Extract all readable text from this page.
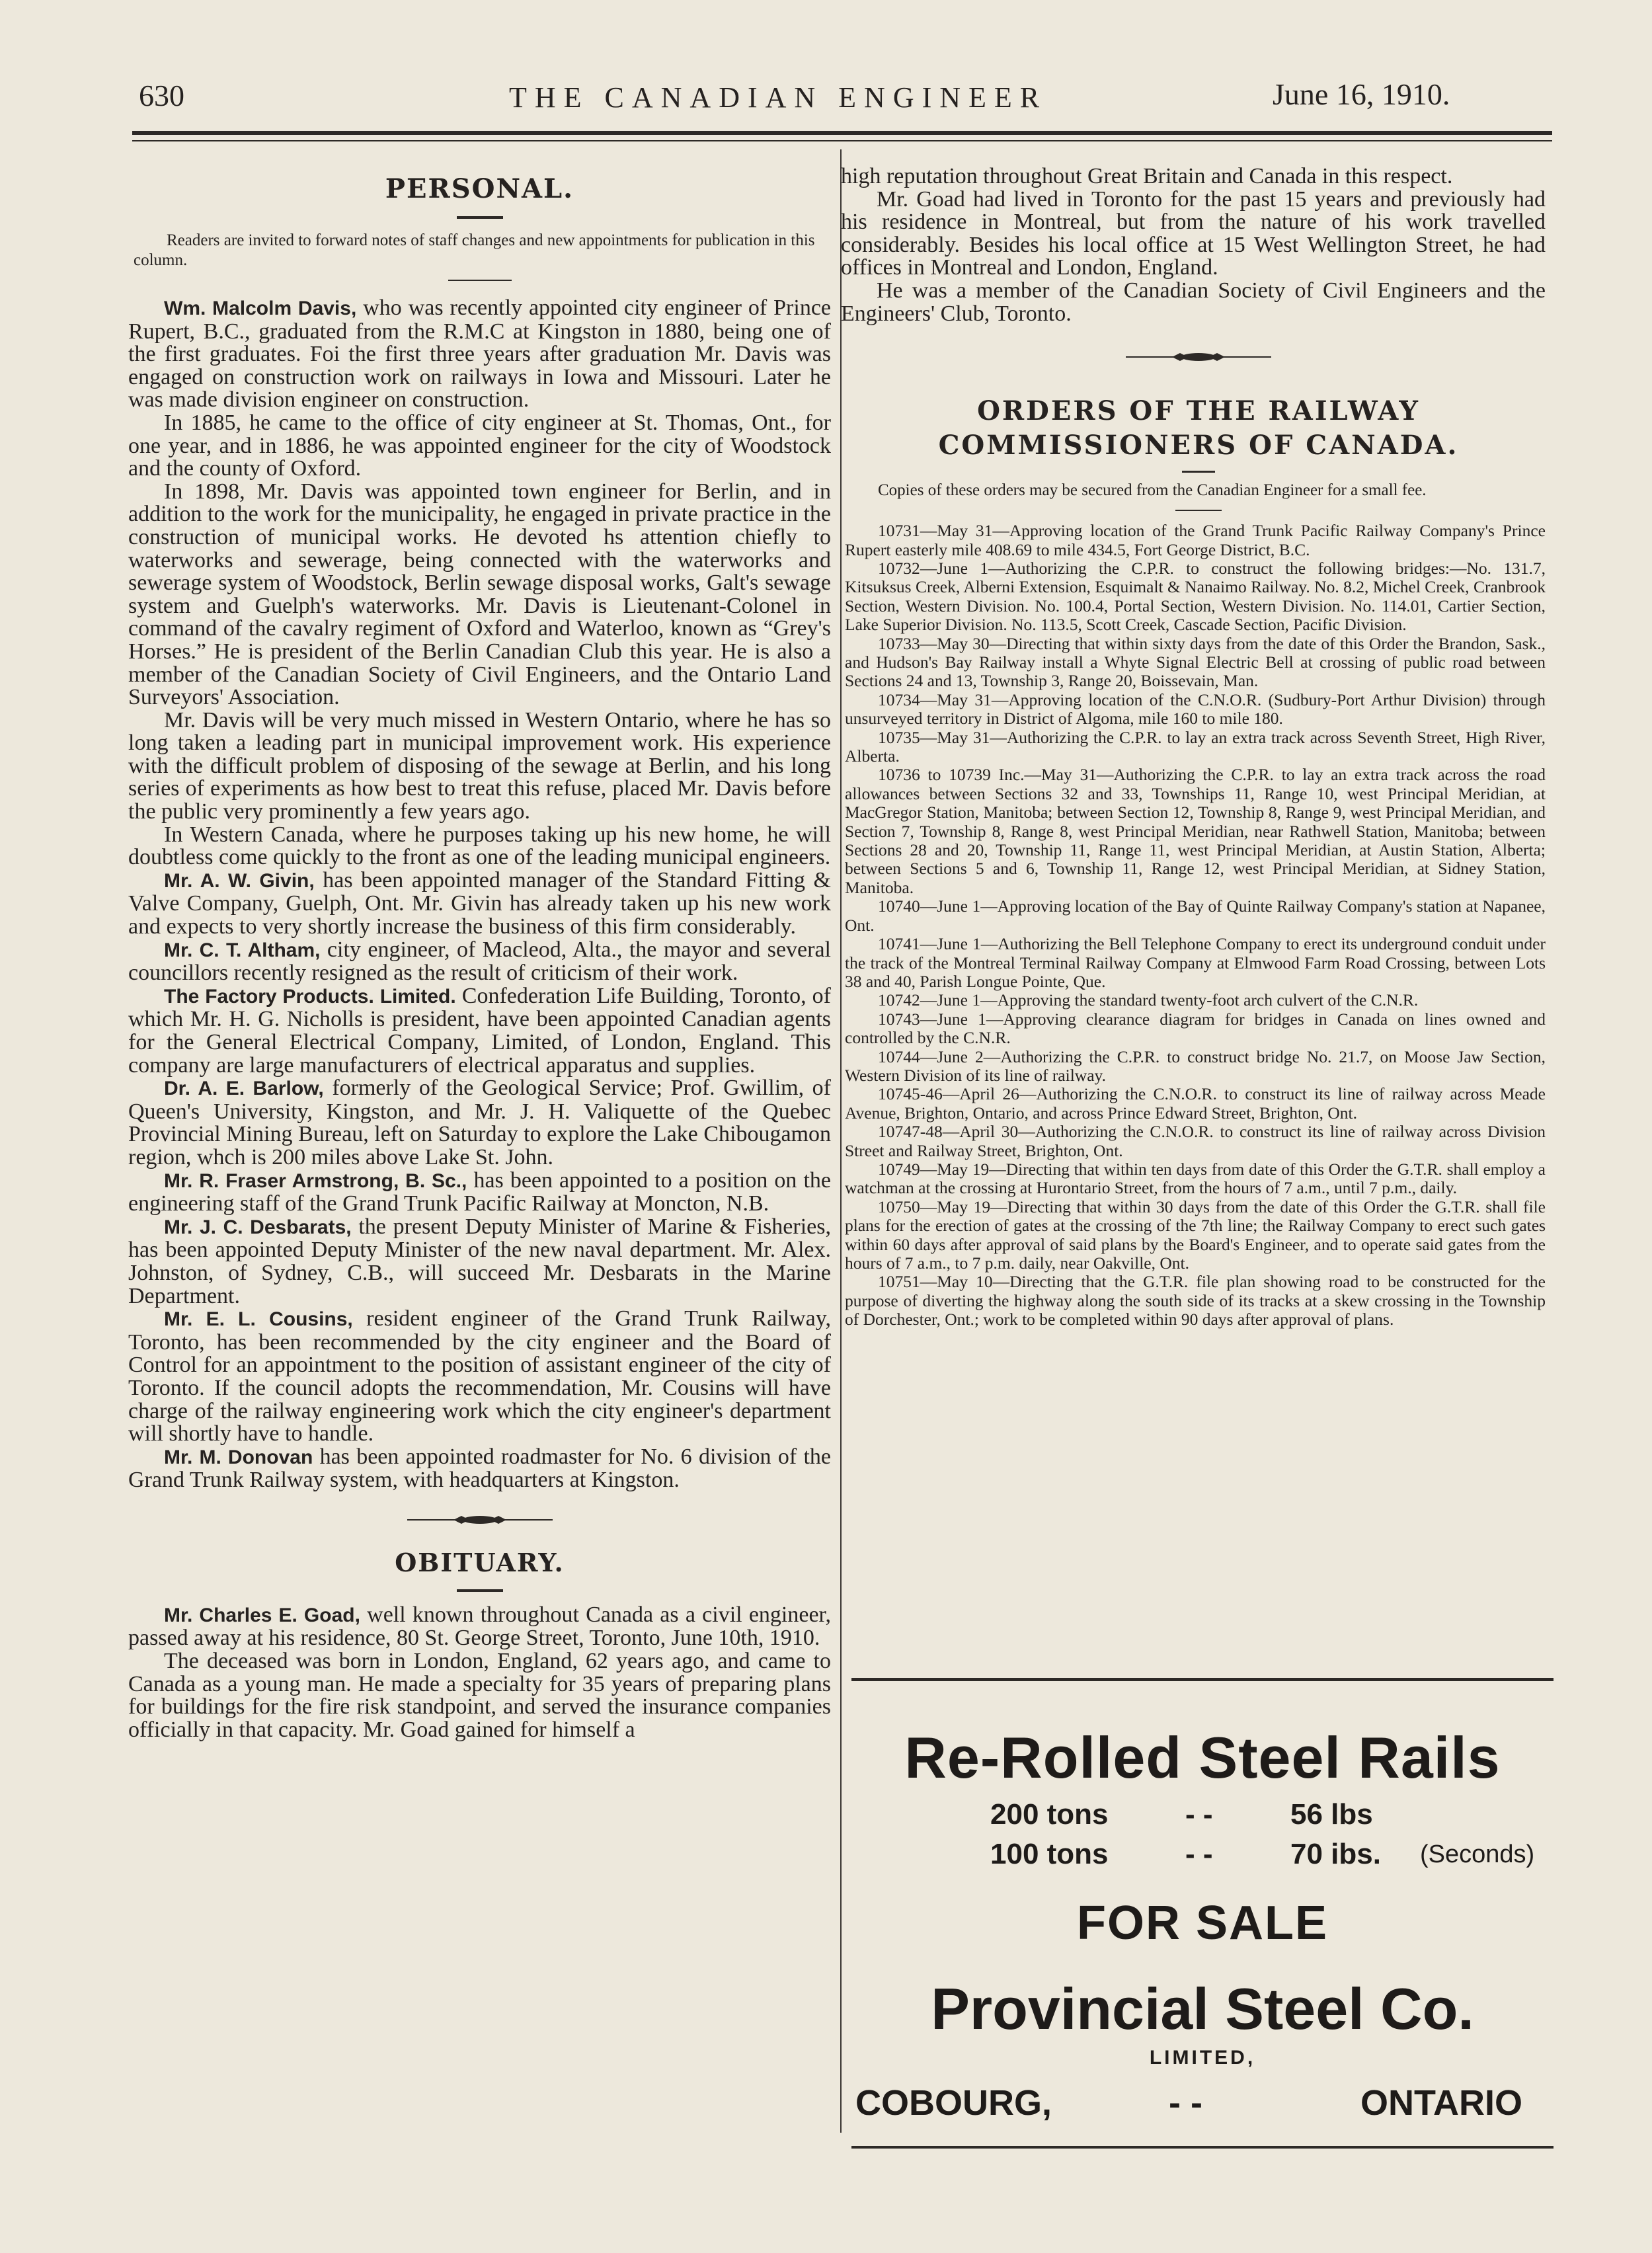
630	THE CANADIAN ENGINEER	June 16, 1910.
PERSONAL.

Readers are invited to forward notes of staff changes and new appointments for publication in this column.

Wm. Malcolm Davis, who was recently appointed city engineer of Prince Rupert, B.C., graduated from the R.M.C at Kingston in 1880, being one of the first graduates. Foi the first three years after graduation Mr. Davis was engaged on construction work on railways in Iowa and Missouri. Later he was made division engineer on construction.

In 1885, he came to the office of city engineer at St. Thomas, Ont., for one year, and in 1886, he was appointed engineer for the city of Woodstock and the county of Oxford.

In 1898, Mr. Davis was appointed town engineer for Berlin, and in addition to the work for the municipality, he engaged in private practice in the construction of municipal works. He devoted hs attention chiefly to waterworks and sewerage, being connected with the waterworks and sewerage system of Woodstock, Berlin sewage disposal works, Galt's sewage system and Guelph's waterworks. Mr. Davis is Lieutenant-Colonel in command of the cavalry regiment of Oxford and Waterloo, known as “Grey's Horses.” He is president of the Berlin Canadian Club this year. He is also a member of the Canadian Society of Civil Engineers, and the Ontario Land Surveyors' Association.

Mr. Davis will be very much missed in Western Ontario, where he has so long taken a leading part in municipal improvement work. His experience with the difficult problem of disposing of the sewage at Berlin, and his long series of experiments as how best to treat this refuse, placed Mr. Davis before the public very prominently a few years ago.

In Western Canada, where he purposes taking up his new home, he will doubtless come quickly to the front as one of the leading municipal engineers.

Mr. A. W. Givin, has been appointed manager of the Standard Fitting & Valve Company, Guelph, Ont. Mr. Givin has already taken up his new work and expects to very shortly increase the business of this firm considerably.

Mr. C. T. Altham, city engineer, of Macleod, Alta., the mayor and several councillors recently resigned as the result of criticism of their work.

The Factory Products. Limited. Confederation Life Building, Toronto, of which Mr. H. G. Nicholls is president, have been appointed Canadian agents for the General Electrical Company, Limited, of London, England. This company are large manufacturers of electrical apparatus and supplies.

Dr. A. E. Barlow, formerly of the Geological Service; Prof. Gwillim, of Queen's University, Kingston, and Mr. J. H. Valiquette of the Quebec Provincial Mining Bureau, left on Saturday to explore the Lake Chibougamon region, whch is 200 miles above Lake St. John.

Mr. R. Fraser Armstrong, B. Sc., has been appointed to a position on the engineering staff of the Grand Trunk Pacific Railway at Moncton, N.B.

Mr. J. C. Desbarats, the present Deputy Minister of Marine & Fisheries, has been appointed Deputy Minister of the new naval department. Mr. Alex. Johnston, of Sydney, C.B., will succeed Mr. Desbarats in the Marine Department.

Mr. E. L. Cousins, resident engineer of the Grand Trunk Railway, Toronto, has been recommended by the city engineer and the Board of Control for an appointment to the position of assistant engineer of the city of Toronto. If the council adopts the recommendation, Mr. Cousins will have charge of the railway engineering work which the city engineer's department will shortly have to handle.

Mr. M. Donovan has been appointed roadmaster for No. 6 division of the Grand Trunk Railway system, with headquarters at Kingston.

OBITUARY.

Mr. Charles E. Goad, well known throughout Canada as a civil engineer, passed away at his residence, 80 St. George Street, Toronto, June 10th, 1910.

The deceased was born in London, England, 62 years ago, and came to Canada as a young man. He made a specialty for 35 years of preparing plans for buildings for the fire risk standpoint, and served the insurance companies officially in that capacity. Mr. Goad gained for himself a

high reputation throughout Great Britain and Canada in this respect.

Mr. Goad had lived in Toronto for the past 15 years and previously had his residence in Montreal, but from the nature of his work travelled considerably. Besides his local office at 15 West Wellington Street, he had offices in Montreal and London, England.

He was a member of the Canadian Society of Civil Engineers and the Engineers' Club, Toronto.

ORDERS OF THE RAILWAY COMMISSIONERS OF CANADA.

Copies of these orders may be secured from the Canadian Engineer for a small fee.

10731—May 31—Approving location of the Grand Trunk Pacific Railway Company's Prince Rupert easterly mile 408.69 to mile 434.5, Fort George District, B.C.

10732—June 1—Authorizing the C.P.R. to construct the following bridges:—No. 131.7, Kitsuksus Creek, Alberni Extension, Esquimalt & Nanaimo Railway. No. 8.2, Michel Creek, Cranbrook Section, Western Division. No. 100.4, Portal Section, Western Division. No. 114.01, Cartier Section, Lake Superior Division. No. 113.5, Scott Creek, Cascade Section, Pacific Division.

10733—May 30—Directing that within sixty days from the date of this Order the Brandon, Sask., and Hudson's Bay Railway install a Whyte Signal Electric Bell at crossing of public road between Sections 24 and 13, Township 3, Range 20, Boissevain, Man.

10734—May 31—Approving location of the C.N.O.R. (Sudbury-Port Arthur Division) through unsurveyed territory in District of Algoma, mile 160 to mile 180.

10735—May 31—Authorizing the C.P.R. to lay an extra track across Seventh Street, High River, Alberta.

10736 to 10739 Inc.—May 31—Authorizing the C.P.R. to lay an extra track across the road allowances between Sections 32 and 33, Townships 11, Range 10, west Principal Meridian, at MacGregor Station, Manitoba; between Section 12, Township 8, Range 9, west Principal Meridian, and Section 7, Township 8, Range 8, west Principal Meridian, near Rathwell Station, Manitoba; between Sections 28 and 20, Township 11, Range 11, west Principal Meridian, at Austin Station, Alberta; between Sections 5 and 6, Township 11, Range 12, west Principal Meridian, at Sidney Station, Manitoba.

10740—June 1—Approving location of the Bay of Quinte Railway Company's station at Napanee, Ont.

10741—June 1—Authorizing the Bell Telephone Company to erect its underground conduit under the track of the Montreal Terminal Railway Company at Elmwood Farm Road Crossing, between Lots 38 and 40, Parish Longue Pointe, Que.

10742—June 1—Approving the standard twenty-foot arch culvert of the C.N.R.

10743—June 1—Approving clearance diagram for bridges in Canada on lines owned and controlled by the C.N.R.

10744—June 2—Authorizing the C.P.R. to construct bridge No. 21.7, on Moose Jaw Section, Western Division of its line of railway.

10745-46—April 26—Authorizing the C.N.O.R. to construct its line of railway across Meade Avenue, Brighton, Ontario, and across Prince Edward Street, Brighton, Ont.

10747-48—April 30—Authorizing the C.N.O.R. to construct its line of railway across Division Street and Railway Street, Brighton, Ont.

10749—May 19—Directing that within ten days from date of this Order the G.T.R. shall employ a watchman at the crossing at Hurontario Street, from the hours of 7 a.m., until 7 p.m., daily.

10750—May 19—Directing that within 30 days from the date of this Order the G.T.R. shall file plans for the erection of gates at the crossing of the 7th line; the Railway Company to erect such gates within 60 days after approval of said plans by the Board's Engineer, and to operate said gates from the hours of 7 a.m., to 7 p.m. daily, near Oakville, Ont.

10751—May 10—Directing that the G.T.R. file plan showing road to be constructed for the purpose of diverting the highway along the south side of its tracks at a skew crossing in the Township of Dorchester, Ont.; work to be completed within 90 days after approval of plans.

Re-Rolled Steel Rails
200 tons	- -	56 lbs
100 tons	- -	70 ibs. (Seconds)
FOR SALE
Provincial Steel Co.
LIMITED,
COBOURG,	- -	ONTARIO
